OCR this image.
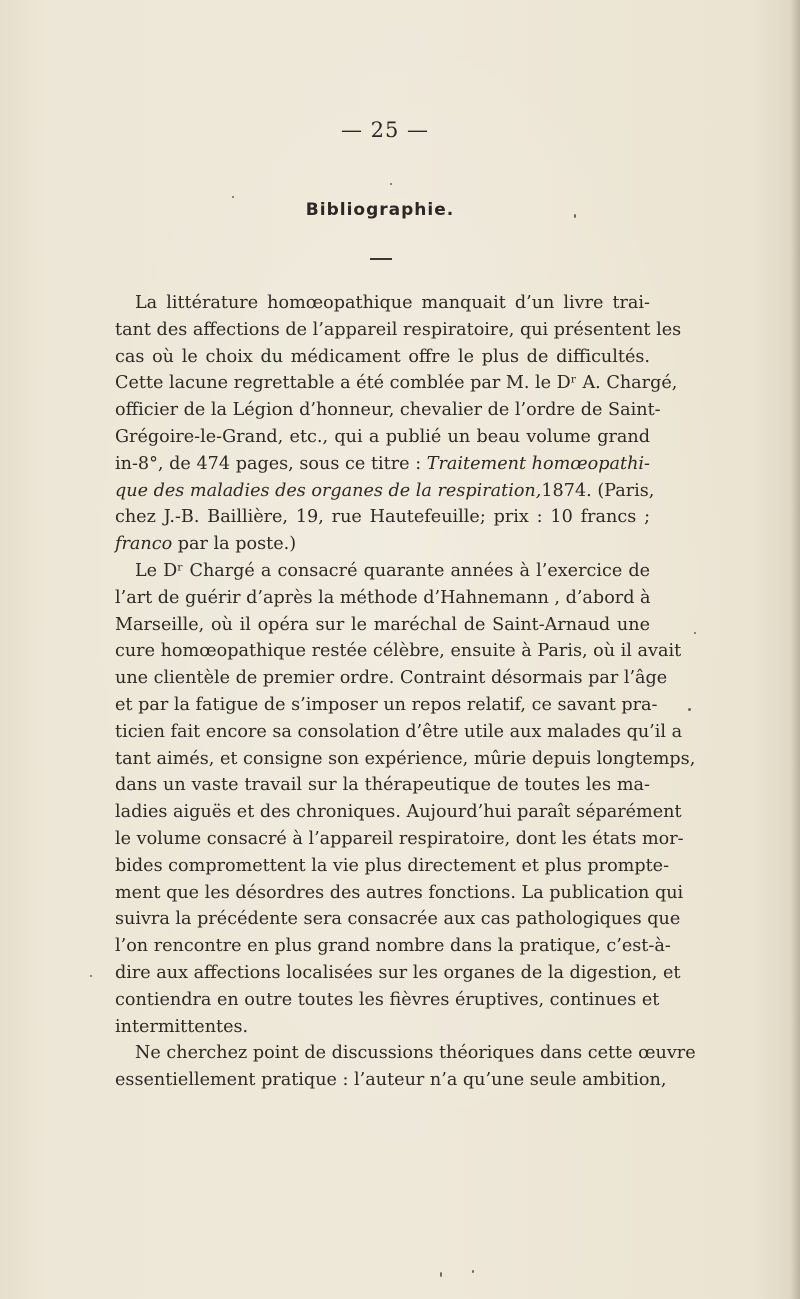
— 25 —
Bibliographie.
La littérature homœopathique manquait d’un livre trai-
tant des affections de l’appareil respiratoire, qui présentent les
cas où le choix du médicament offre le plus de difficultés.
Cette lacune regrettable a été comblée par M. le Dʳ A. Chargé,
officier de la Légion d’honneur, chevalier de l’ordre de Saint-
Grégoire-le-Grand, etc., qui a publié un beau volume grand
in-8°, de 474 pages, sous ce titre : Traitement homœopathi-
que des maladies des organes de la respiration,1874. (Paris,
chez J.-B. Baillière, 19, rue Hautefeuille; prix : 10 francs ;
franco par la poste.)
Le Dʳ Chargé a consacré quarante années à l’exercice de
l’art de guérir d’après la méthode d’Hahnemann , d’abord à
Marseille, où il opéra sur le maréchal de Saint-Arnaud une
cure homœopathique restée célèbre, ensuite à Paris, où il avait
une clientèle de premier ordre. Contraint désormais par l’âge
et par la fatigue de s’imposer un repos relatif, ce savant pra-
ticien fait encore sa consolation d’être utile aux malades qu’il a
tant aimés, et consigne son expérience, mûrie depuis longtemps,
dans un vaste travail sur la thérapeutique de toutes les ma-
ladies aiguës et des chroniques. Aujourd’hui paraît séparément
le volume consacré à l’appareil respiratoire, dont les états mor-
bides compromettent la vie plus directement et plus prompte-
ment que les désordres des autres fonctions. La publication qui
suivra la précédente sera consacrée aux cas pathologiques que
l’on rencontre en plus grand nombre dans la pratique, c’est-à-
dire aux affections localisées sur les organes de la digestion, et
contiendra en outre toutes les fièvres éruptives, continues et
intermittentes.
Ne cherchez point de discussions théoriques dans cette œuvre
essentiellement pratique : l’auteur n’a qu’une seule ambition,
